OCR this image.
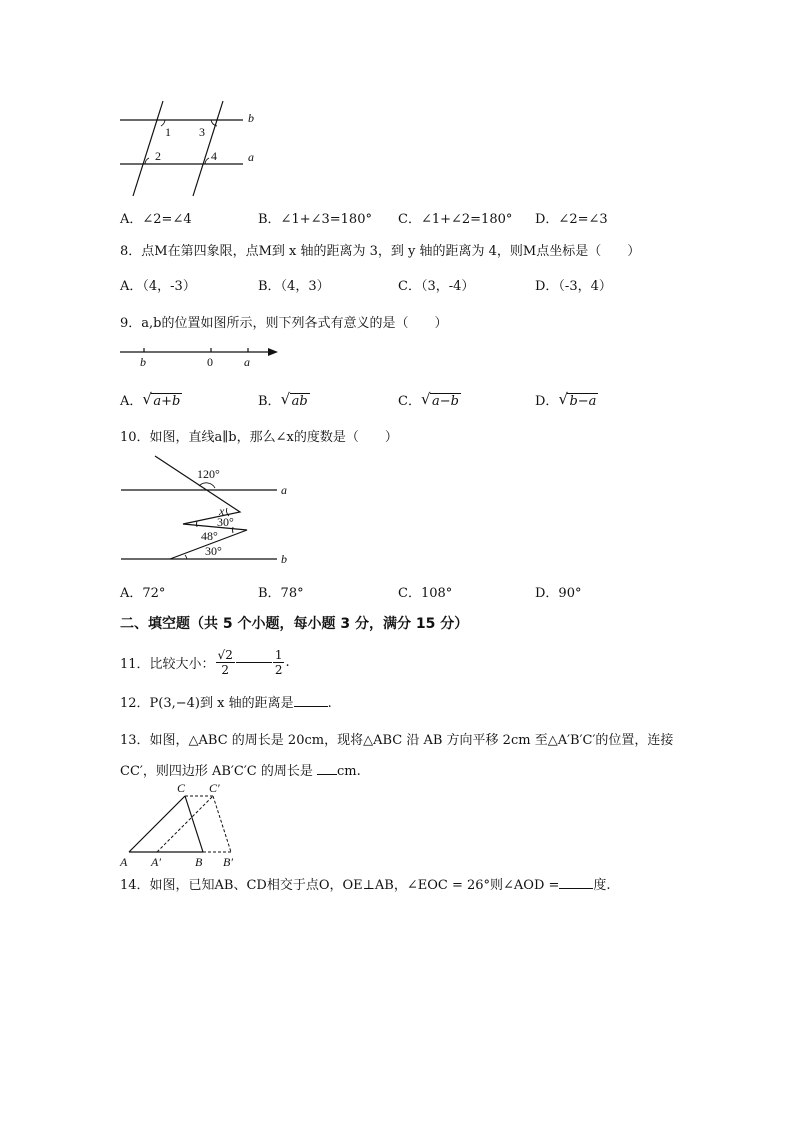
1 3
2	4
b
a
A．∠2=∠4	B．∠1+∠3=180° C．∠1+∠2=180° D．∠2=∠3
8．点M在第四象限，点M到 x 轴的距离为 3，到 y 轴的距离为 4，则M点坐标是（　　）
A．（4，-3）	B．（4，3）	C．（3，-4）	D．（-3，4）
9．a,b的位置如图所示，则下列各式有意义的是（　　）
b	0	a
A． √ a+b	B． √ ab	C． √ a−b	D． √ b−a
10．如图，直线a∥b，那么∠x的度数是（　　）
120°
a
x
30°
48°
30°
b
A．72°	B．78°	C．108°	D．90°
二、填空题（共 5 个小题，每小题 3 分，满分 15 分）
11．比较大小： $\frac{√2}{2}$	$\frac{1}{2}$ .
12．P(3,−4)到 x 轴的距离是	.
13．如图，△ABC 的周长是 20cm，现将△ABC 沿 AB 方向平移 2cm 至△A′B′C′的位置，连接
CC′，则四边形 AB′C′C 的周长是 cm.
C C′
A A′	B B′
14．如图，已知AB、CD相交于点O，OE⊥AB，∠EOC = 26°则∠AOD =	度.
